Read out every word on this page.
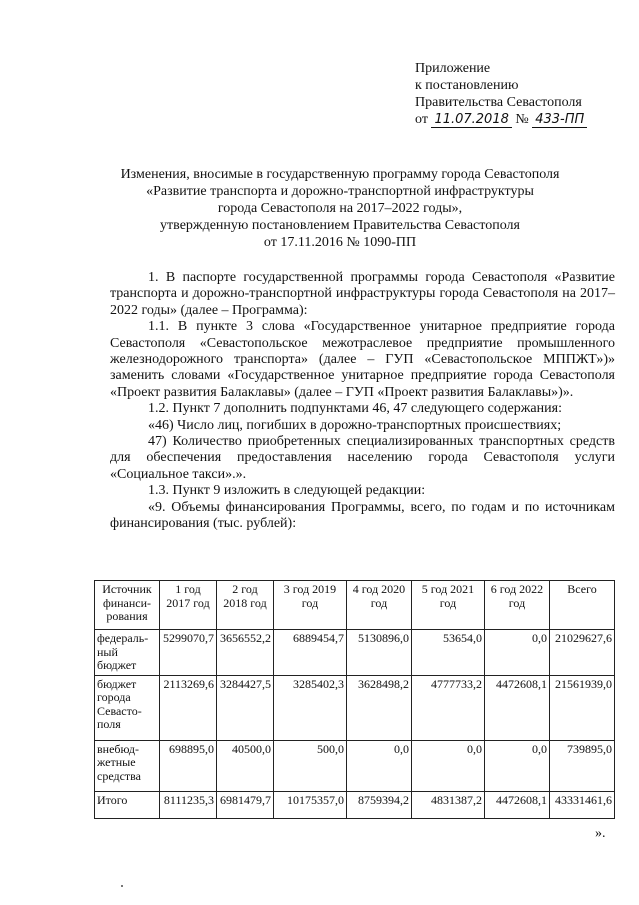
Приложение
к постановлению
Правительства Севастополя
от 11.07.2018 № 433-ПП
Изменения, вносимые в государственную программу города Севастополя
«Развитие транспорта и дорожно-транспортной инфраструктуры
города Севастополя на 2017–2022 годы»,
утвержденную постановлением Правительства Севастополя
от 17.11.2016 № 1090-ПП

1. В паспорте государственной программы города Севастополя «Развитие транспорта и дорожно-транспортной инфраструктуры города Севастополя на 2017–2022 годы» (далее – Программа):

1.1. В пункте 3 слова «Государственное унитарное предприятие города Севастополя «Севастопольское межотраслевое предприятие промышленного железнодорожного транспорта» (далее – ГУП «Севастопольское МППЖТ»)» заменить словами «Государственное унитарное предприятие города Севастополя «Проект развития Балаклавы» (далее – ГУП «Проект развития Балаклавы»)».

1.2. Пункт 7 дополнить подпунктами 46, 47 следующего содержания:

«46) Число лиц, погибших в дорожно-транспортных происшествиях;

47) Количество приобретенных специализированных транспортных средств для обеспечения предоставления населению города Севастополя услуги «Социальное такси».».

1.3. Пункт 9 изложить в следующей редакции:

«9. Объемы финансирования Программы, всего, по годам и по источникам финансирования (тыс. рублей):

Источник финанси-рования	1 год 2017 год	2 год 2018 год	3 год 2019 год	4 год 2020 год	5 год 2021 год	6 год 2022 год	Всего
федераль-ный бюджет	5299070,7	3656552,2	6889454,7	5130896,0	53654,0	0,0	21029627,6
бюджет города Севасто-поля	2113269,6	3284427,5	3285402,3	3628498,2	4777733,2	4472608,1	21561939,0
внебюд-жетные средства	698895,0	40500,0	500,0	0,0	0,0	0,0	739895,0
Итого	8111235,3	6981479,7	10175357,0	8759394,2	4831387,2	4472608,1	43331461,6
».
